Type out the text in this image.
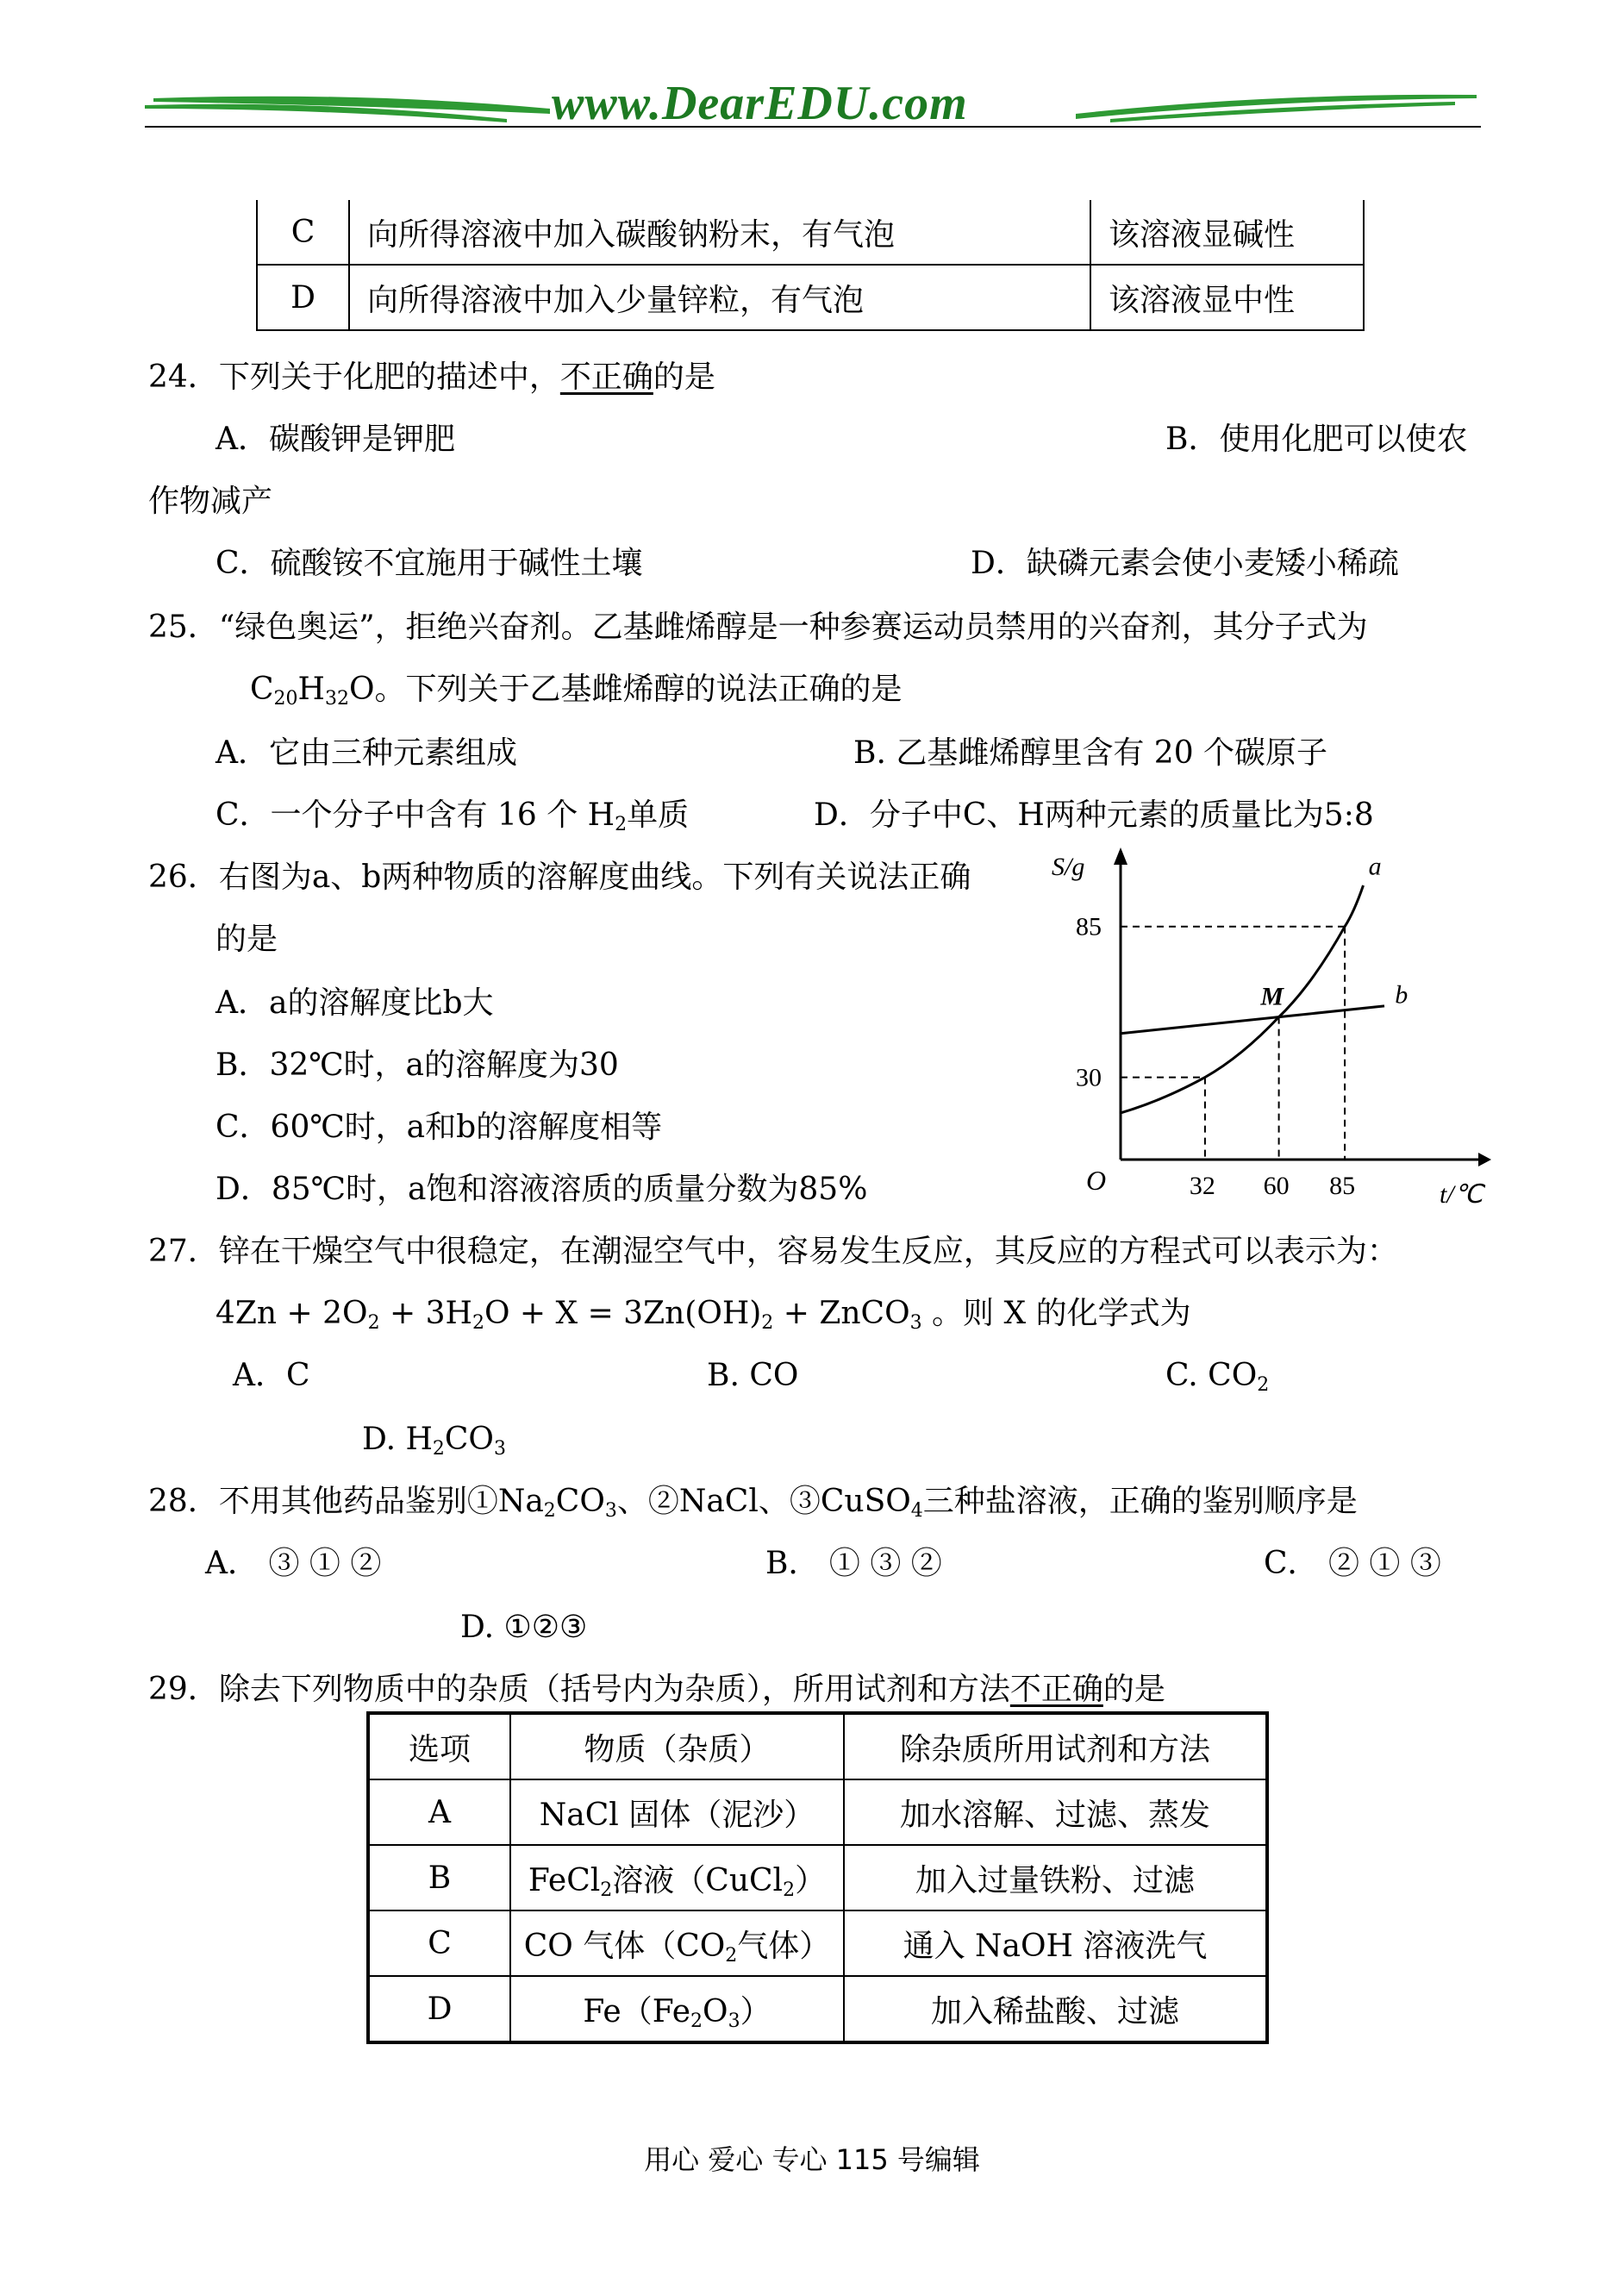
www.DearEDU.com
C	向所得溶液中加入碳酸钠粉末，有气泡	该溶液显碱性
D	向所得溶液中加入少量锌粒，有气泡	该溶液显中性
24．下列关于化肥的描述中，不正确的是
A．碳酸钾是钾肥	B．使用化肥可以使农
作物减产
C．硫酸铵不宜施用于碱性土壤	D．缺磷元素会使小麦矮小稀疏
25．“绿色奥运”，拒绝兴奋剂。乙基雌烯醇是一种参赛运动员禁用的兴奋剂，其分子式为
$C_{20}H_{32}O$。下列关于乙基雌烯醇的说法正确的是
A．它由三种元素组成	B. 乙基雌烯醇里含有 20 个碳原子
C．一个分子中含有 16 个 $H_2$单质	D．分子中C、H两种元素的质量比为5:8
26．右图为a、b两种物质的溶解度曲线。下列有关说法正确
的是
A．a的溶解度比b大
B．32℃时，a的溶解度为30
C．60℃时，a和b的溶解度相等
D．85℃时，a饱和溶液溶质的质量分数为85%
S/g
t/℃
O	32 60 85
30
85
a
b
M
27．锌在干燥空气中很稳定，在潮湿空气中，容易发生反应，其反应的方程式可以表示为：
$4Zn + 2O_2 + 3H_2O + X = 3Zn(OH)_2$ + ZnCO$_3$ 。则 X 的化学式为
A．C	B. CO	C. $CO_2$
D. $H_2CO_3$
28．不用其他药品鉴别$①Na_2CO_3$、②NaCl、③CuSO$_4$三种盐溶液，正确的鉴别顺序是
A． ③ ① ②	B． ① ③ ②	C． ② ① ③
D. ①②③
29．除去下列物质中的杂质（括号内为杂质），所用试剂和方法不正确的是
选项	物质（杂质）	除杂质所用试剂和方法
A	NaCl 固体（泥沙）	加水溶解、过滤、蒸发
B	FeCl$_2$溶液（CuCl$_2$）	加入过量铁粉、过滤
C	CO 气体（$CO_2$气体）	通入 NaOH 溶液洗气
D	$Fe(Fe_2O_3)$	加入稀盐酸、过滤
用心 爱心 专心 115 号编辑
